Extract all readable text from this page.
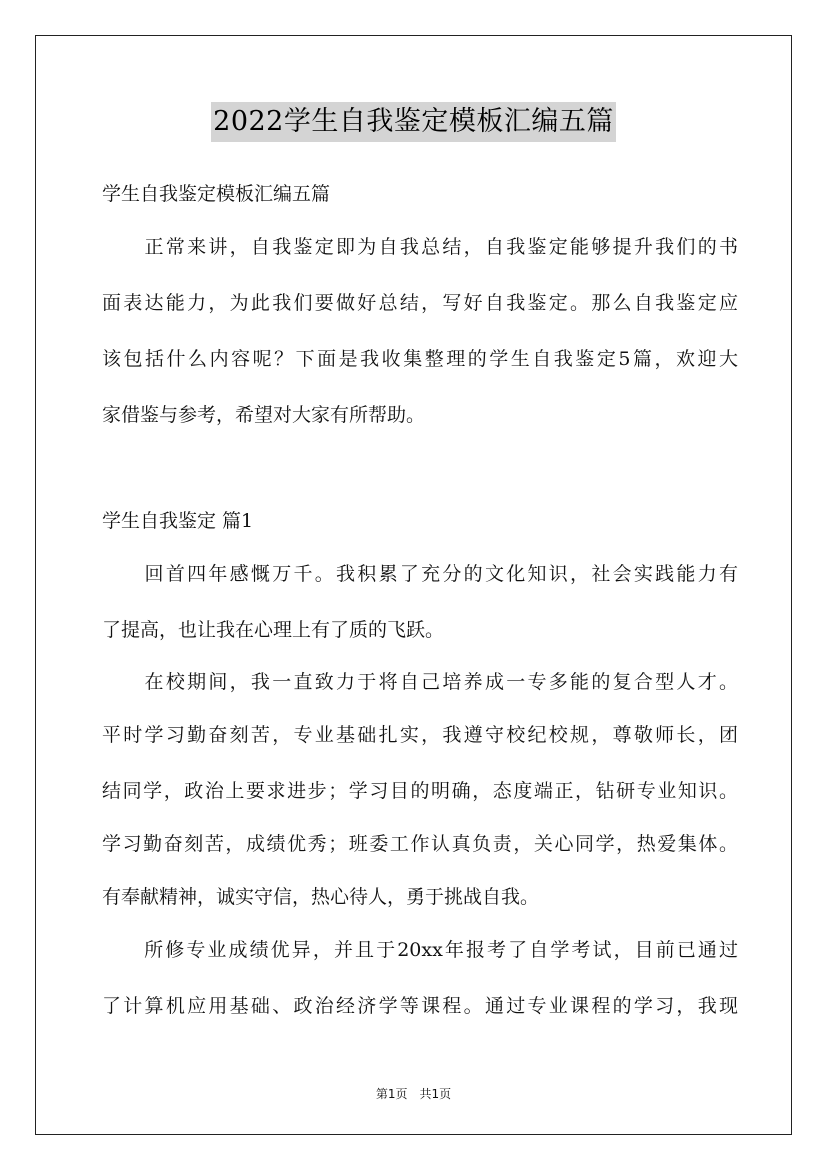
2022学生自我鉴定模板汇编五篇
学生自我鉴定模板汇编五篇
　　正常来讲，自我鉴定即为自我总结，自我鉴定能够提升我们的书
面表达能力，为此我们要做好总结，写好自我鉴定。那么自我鉴定应
该包括什么内容呢？下面是我收集整理的学生自我鉴定5篇，欢迎大
家借鉴与参考，希望对大家有所帮助。
学生自我鉴定 篇1
　　回首四年感慨万千。我积累了充分的文化知识，社会实践能力有
了提高，也让我在心理上有了质的飞跃。
　　在校期间，我一直致力于将自己培养成一专多能的复合型人才。
平时学习勤奋刻苦，专业基础扎实，我遵守校纪校规，尊敬师长，团
结同学，政治上要求进步；学习目的明确，态度端正，钻研专业知识。
学习勤奋刻苦，成绩优秀；班委工作认真负责，关心同学，热爱集体。
有奉献精神，诚实守信，热心待人，勇于挑战自我。
　　所修专业成绩优异，并且于20xx年报考了自学考试，目前已通过
了计算机应用基础、政治经济学等课程。通过专业课程的学习，我现
第1页　共1页
